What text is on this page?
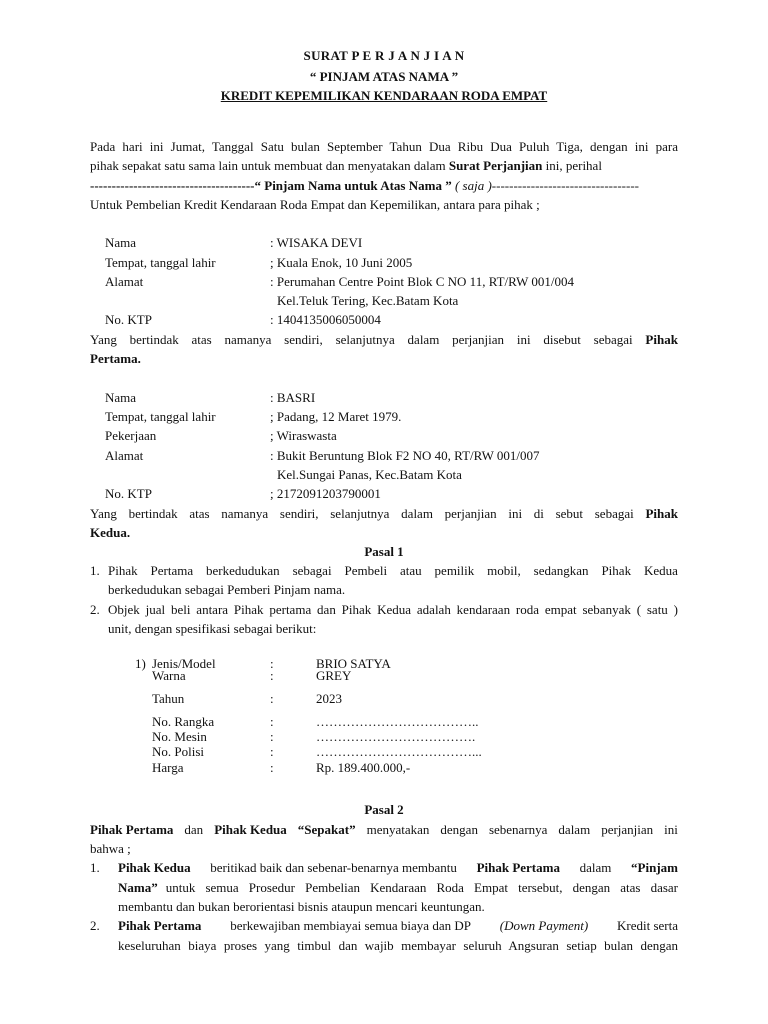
SURAT P E R J A N J I A N
“ PINJAM ATAS NAMA ”
KREDIT KEPEMILIKAN KENDARAAN RODA EMPAT
Pada hari ini Jumat, Tanggal Satu bulan September Tahun Dua Ribu Dua Puluh Tiga, dengan ini para
pihak sepakat satu sama lain untuk membuat dan menyatakan dalam Surat Perjanjian ini, perihal
--------------------------------------“ Pinjam Nama untuk Atas Nama ” ( saja )----------------------------------
Untuk Pembelian Kredit Kendaraan Roda Empat dan Kepemilikan, antara para pihak ;
Nama	: WISAKA DEVI
Tempat, tanggal lahir	; Kuala Enok, 10 Juni 2005
Alamat	: Perumahan Centre Point Blok C NO 11, RT/RW 001/004
Kel.Teluk Tering, Kec.Batam Kota
No. KTP	: 1404135006050004
Yang bertindak atas namanya sendiri, selanjutnya dalam perjanjian ini disebut sebagai Pihak
Pertama.
Nama	: BASRI
Tempat, tanggal lahir	; Padang, 12 Maret 1979.
Pekerjaan	; Wiraswasta
Alamat	: Bukit Beruntung Blok F2 NO 40, RT/RW 001/007
Kel.Sungai Panas, Kec.Batam Kota
No. KTP	; 2172091203790001
Yang bertindak atas namanya sendiri, selanjutnya dalam perjanjian ini di sebut sebagai Pihak
Kedua.
Pasal 1
1. Pihak Pertama berkedudukan sebagai Pembeli atau pemilik mobil, sedangkan Pihak Kedua
berkedudukan sebagai Pemberi Pinjam nama.
2. Objek jual beli antara Pihak pertama dan Pihak Kedua adalah kendaraan roda empat sebanyak ( satu )
unit, dengan spesifikasi sebagai berikut:
1) Jenis/Model	:	BRIO SATYA
Warna	:	GREY
Tahun	:	2023
No. Rangka	:	………………………………..
No. Mesin	:	……………………………….
No. Polisi	:	………………………………...
Harga	:	Rp. 189.400.000,-
Pasal 2
Pihak Pertama dan Pihak Kedua “Sepakat” menyatakan dengan sebenarnya dalam perjanjian ini
bahwa ;
1. Pihak Kedua beritikad baik dan sebenar-benarnya membantu Pihak Pertama dalam “Pinjam
Nama” untuk semua Prosedur Pembelian Kendaraan Roda Empat tersebut, dengan atas dasar
membantu dan bukan berorientasi bisnis ataupun mencari keuntungan.
2. Pihak Pertama berkewajiban membiayai semua biaya dan DP (Down Payment) Kredit serta
keseluruhan biaya proses yang timbul dan wajib membayar seluruh Angsuran setiap bulan dengan
